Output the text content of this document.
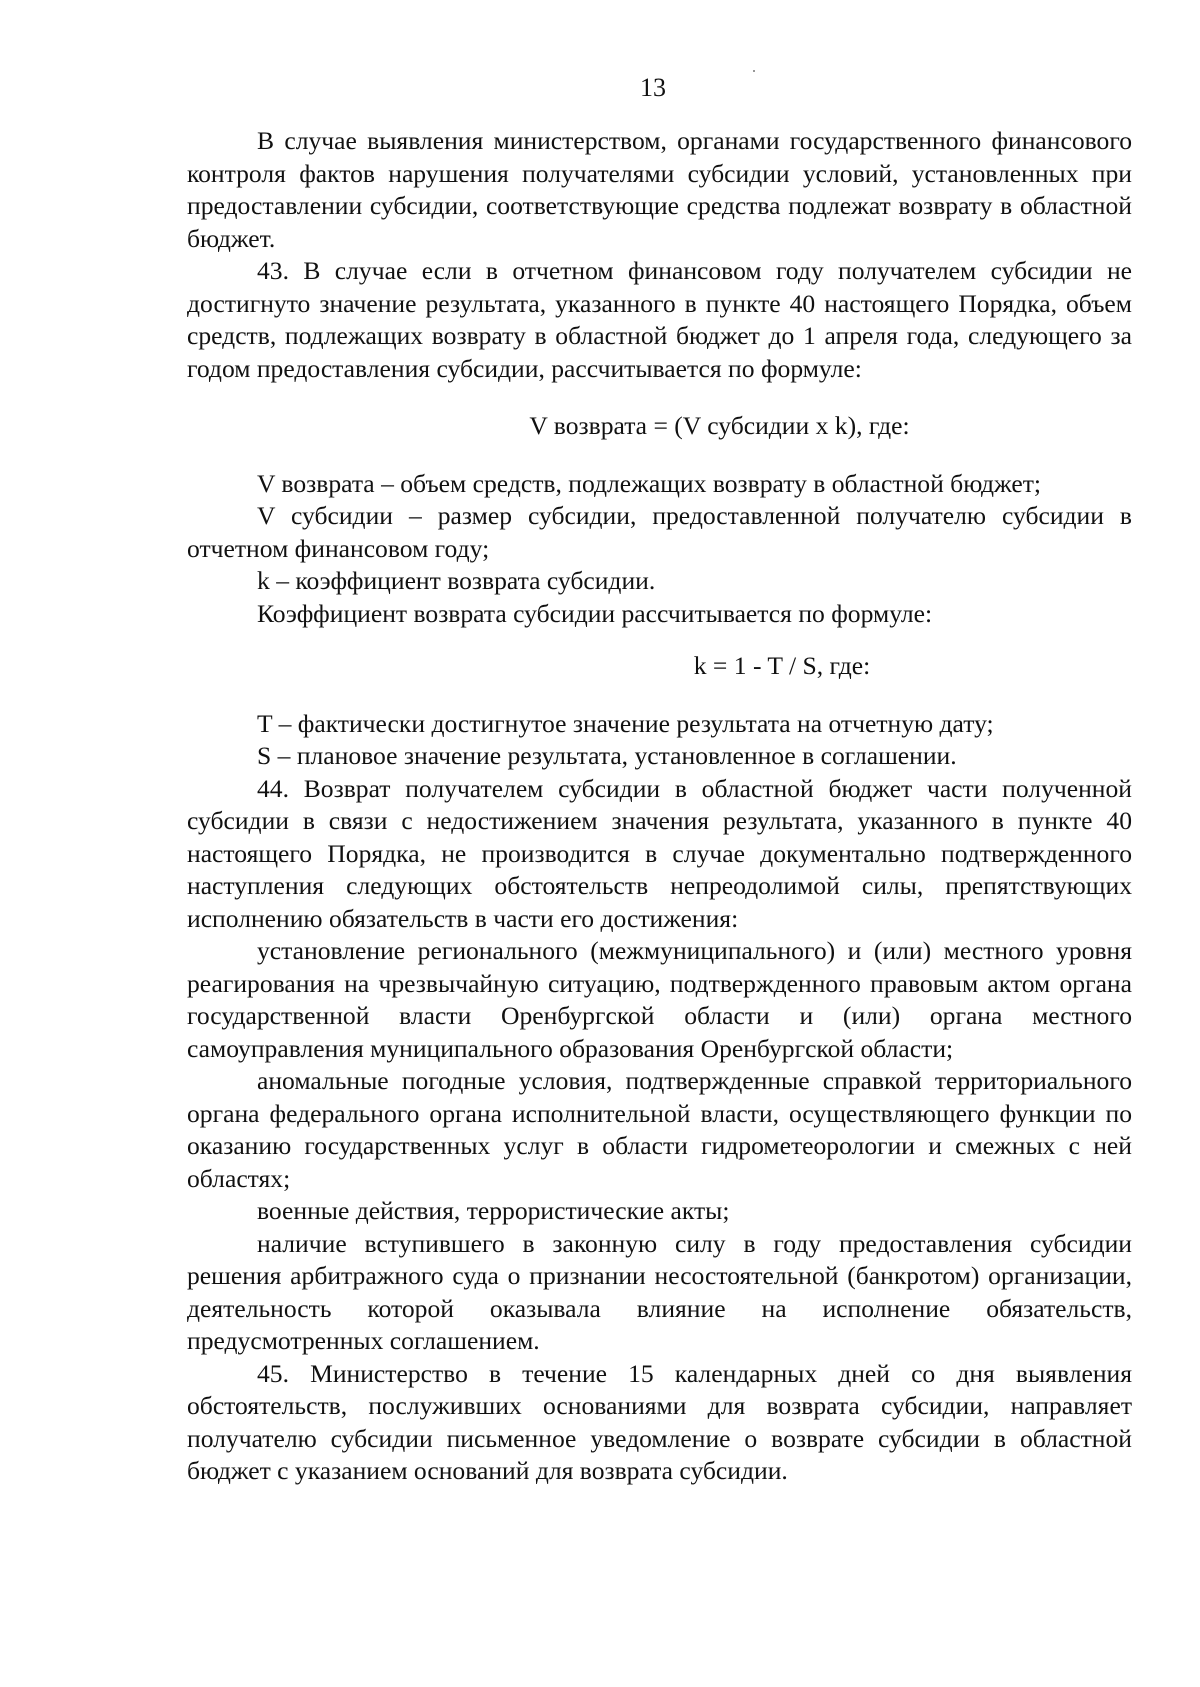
13

В случае выявления министерством, органами государственного финансового контроля фактов нарушения получателями субсидии условий, установленных при предоставлении субсидии, соответствующие средства подлежат возврату в областной бюджет.

43. В случае если в отчетном финансовом году получателем субсидии не достигнуто значение результата, указанного в пункте 40 настоящего Порядка, объем средств, подлежащих возврату в областной бюджет до 1 апреля года, следующего за годом предоставления субсидии, рассчитывается по формуле:

V возврата = (V субсидии x k), где:

V возврата – объем средств, подлежащих возврату в областной бюджет;

V субсидии – размер субсидии, предоставленной получателю субсидии в отчетном финансовом году;

k – коэффициент возврата субсидии.

Коэффициент возврата субсидии рассчитывается по формуле:

k = 1 - T / S, где:

T – фактически достигнутое значение результата на отчетную дату;

S – плановое значение результата, установленное в соглашении.

44. Возврат получателем субсидии в областной бюджет части полученной субсидии в связи с недостижением значения результата, указанного в пункте 40 настоящего Порядка, не производится в случае документально подтвержденного наступления следующих обстоятельств непреодолимой силы, препятствующих исполнению обязательств в части его достижения:

установление регионального (межмуниципального) и (или) местного уровня реагирования на чрезвычайную ситуацию, подтвержденного правовым актом органа государственной власти Оренбургской области и (или) органа местного самоуправления муниципального образования Оренбургской области;

аномальные погодные условия, подтвержденные справкой территориального органа федерального органа исполнительной власти, осуществляющего функции по оказанию государственных услуг в области гидрометеорологии и смежных с ней областях;

военные действия, террористические акты;

наличие вступившего в законную силу в году предоставления субсидии решения арбитражного суда о признании несостоятельной (банкротом) организации, деятельность которой оказывала влияние на исполнение обязательств, предусмотренных соглашением.

45. Министерство в течение 15 календарных дней со дня выявления обстоятельств, послуживших основаниями для возврата субсидии, направляет получателю субсидии письменное уведомление о возврате субсидии в областной бюджет с указанием оснований для возврата субсидии.
